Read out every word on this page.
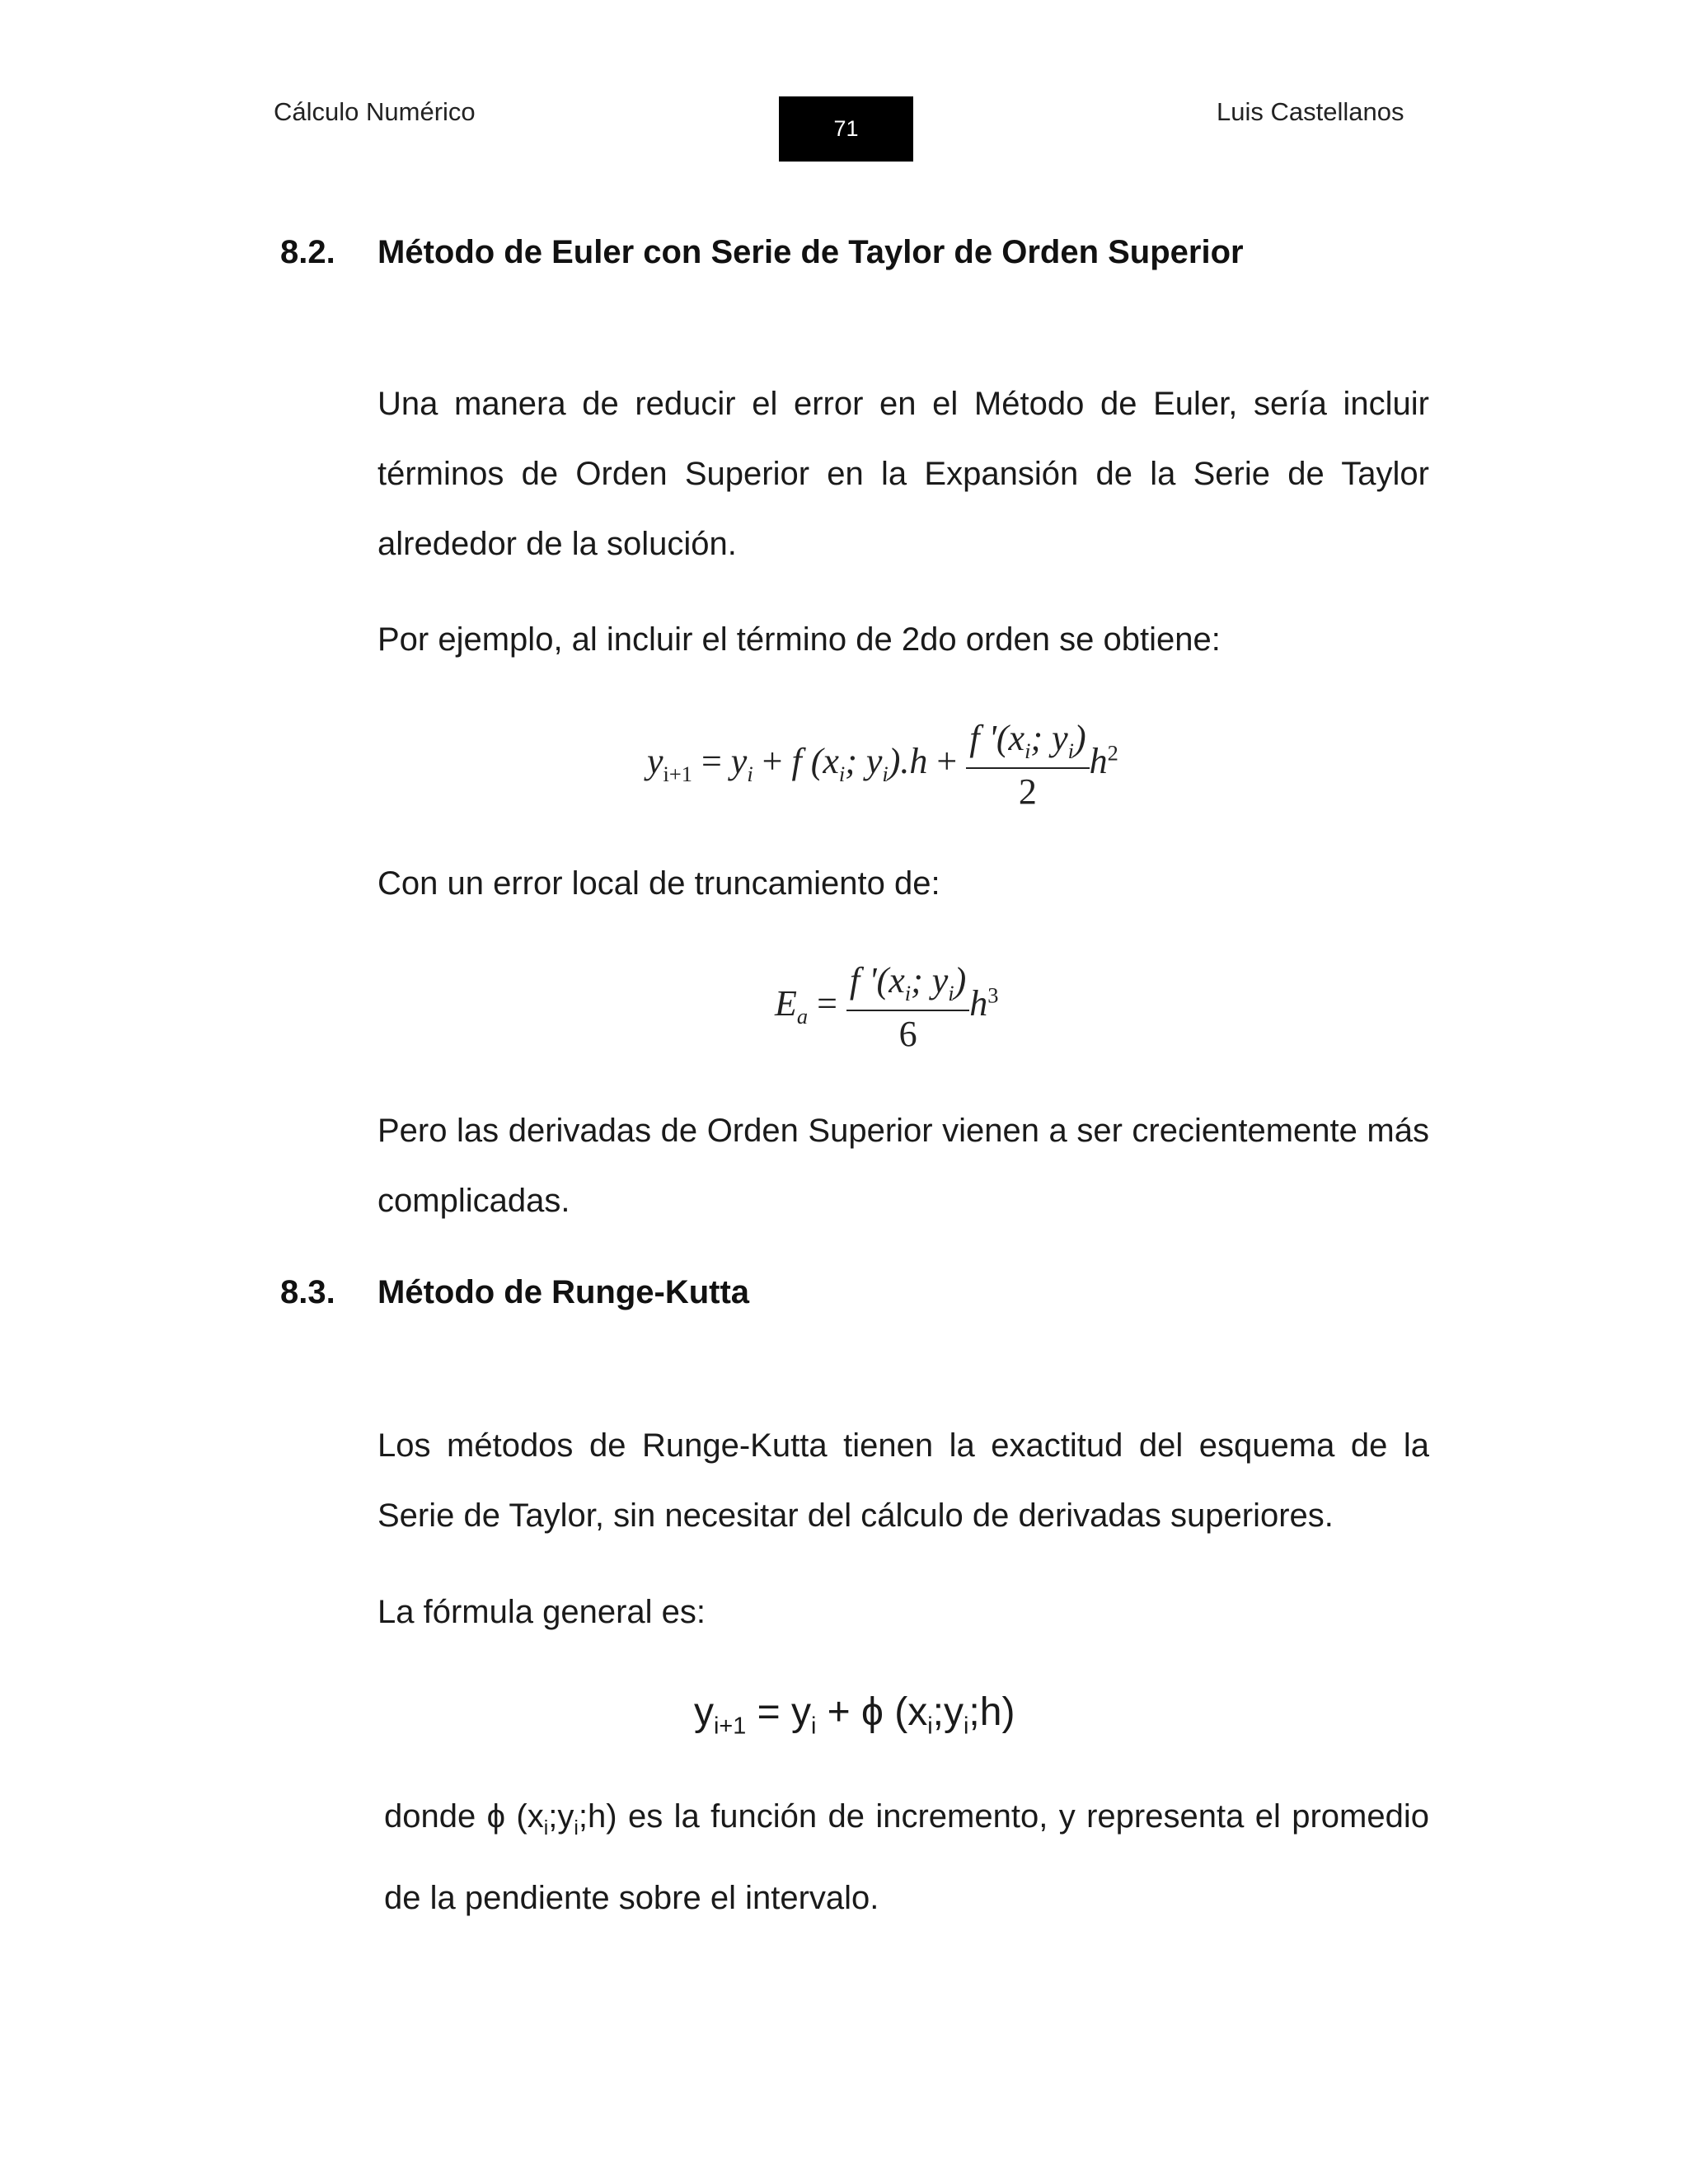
Cálculo Numérico
71
Luis Castellanos
8.2. Método de Euler con Serie de Taylor de Orden Superior
Una manera de reducir el error en el Método de Euler, sería incluir términos de Orden Superior en la Expansión de la Serie de Taylor alrededor de la solución.
Por ejemplo, al incluir el término de 2do orden se obtiene:
$y_{i+1} = y_i + f$ ($x_i$; $y_i).h + \frac{f '(x_i; y_i)}{2} h^2$
Con un error local de truncamiento de:
$E_a = \frac{f '(x_i; y_i)}{6} h^3$
Pero las derivadas de Orden Superior vienen a ser crecientemente más complicadas.
8.3. Método de Runge-Kutta
Los métodos de Runge-Kutta tienen la exactitud del esquema de la Serie de Taylor, sin necesitar del cálculo de derivadas superiores.
La fórmula general es:
$y_{i+1} = y_i + \phi$ $(x_i;y_i;h)$
donde ϕ $(x_i;y_i;h)$ es la función de incremento, y representa el promedio de la pendiente sobre el intervalo.
